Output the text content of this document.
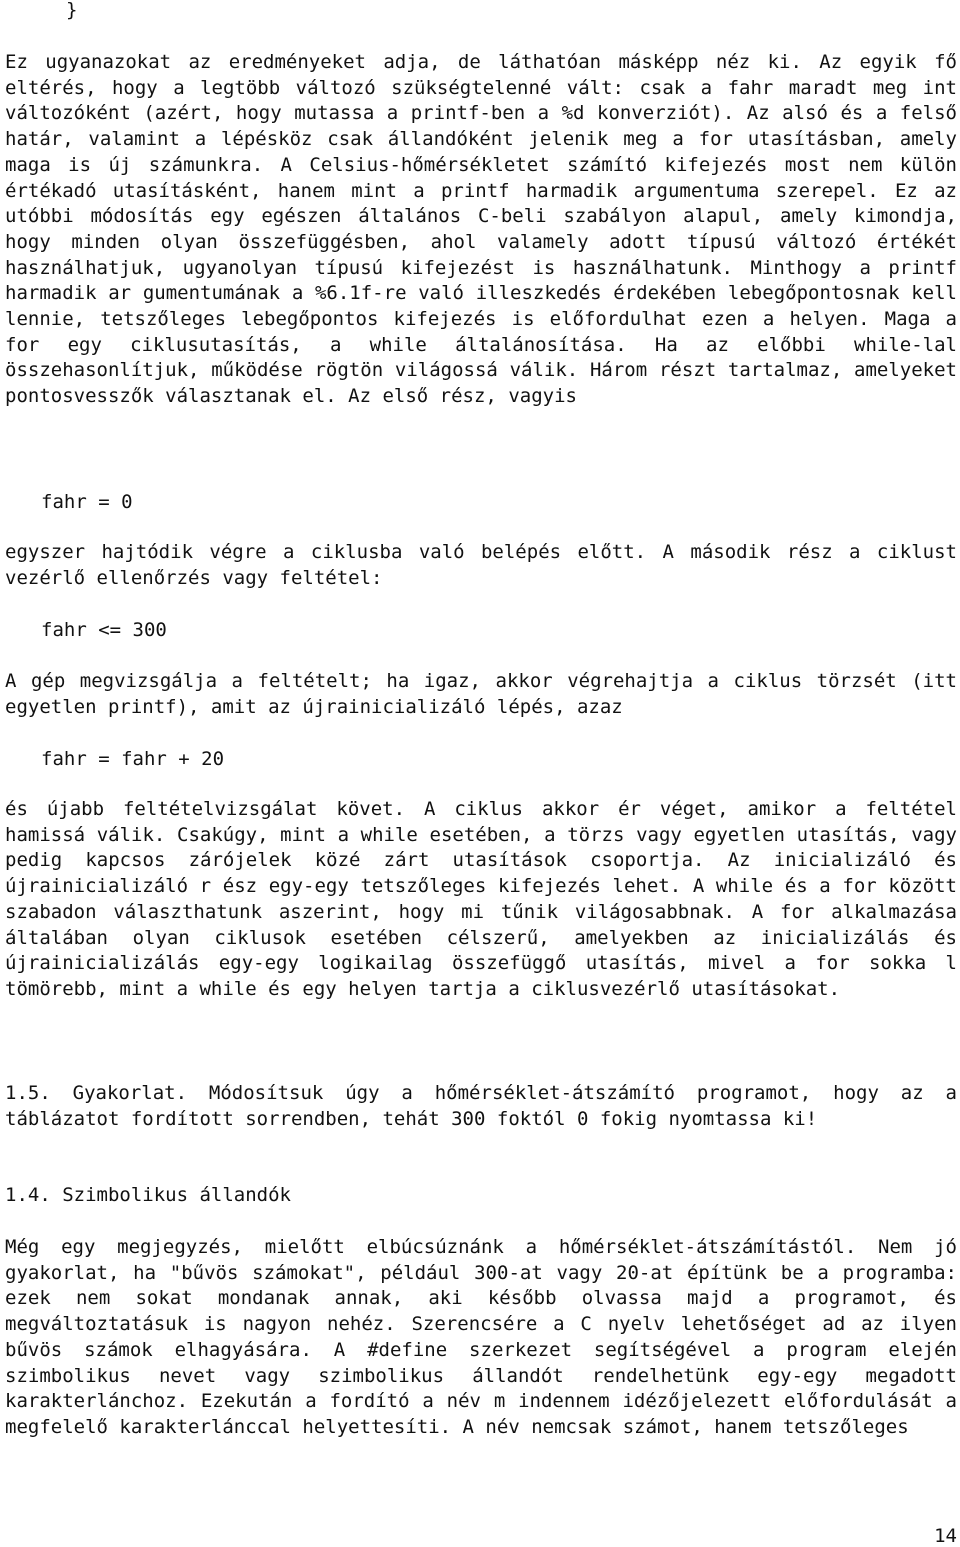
}

Ez ugyanazokat az eredményeket adja, de láthatóan másképp néz ki. Az egyik fő eltérés, hogy a legtöbb változó szükségtelenné vált: csak a fahr maradt meg int változóként (azért, hogy mutassa a printf-ben a %d konverziót). Az alsó és a felső határ, valamint a lépésköz csak állandóként jelenik meg a for utasításban, amely maga is új számunkra. A Celsius-hőmérsékletet számító kifejezés most nem külön értékadó utasításként, hanem mint a printf harmadik argumentuma szerepel. Ez az utóbbi módosítás egy egészen általános C-beli szabályon alapul, amely kimondja, hogy minden olyan összefüggésben, ahol valamely adott típusú változó értékét használhatjuk, ugyanolyan típusú kifejezést is használhatunk. Minthogy a printf harmadik ar gumentumának a %6.1f-re való illeszkedés érdekében lebegőpontosnak kell lennie, tetszőleges lebegőpontos kifejezés is előfordulhat ezen a helyen. Maga a for egy ciklusutasítás, a while általánosítása. Ha az előbbi while-lal összehasonlítjuk, működése rögtön világossá válik. Három részt tartalmaz, amelyeket pontosvesszők választanak el. Az első rész, vagyis

fahr = 0

egyszer hajtódik végre a ciklusba való belépés előtt. A második rész a ciklust vezérlő ellenőrzés vagy feltétel:

fahr <= 300

A gép megvizsgálja a feltételt; ha igaz, akkor végrehajtja a ciklus törzsét (itt egyetlen printf), amit az újrainicializáló lépés, azaz

fahr = fahr + 20

és újabb feltételvizsgálat követ. A ciklus akkor ér véget, amikor a feltétel hamissá válik. Csakúgy, mint a while esetében, a törzs vagy egyetlen utasítás, vagy pedig kapcsos zárójelek közé zárt utasítások csoportja. Az inicializáló és újrainicializáló r ész egy-egy tetszőleges kifejezés lehet. A while és a for között szabadon választhatunk aszerint, hogy mi tűnik világosabbnak. A for alkalmazása általában olyan ciklusok esetében célszerű, amelyekben az inicializálás és újrainicializálás egy-egy logikailag összefüggő utasítás, mivel a for sokka l tömörebb, mint a while és egy helyen tartja a ciklusvezérlő utasításokat.

1.5. Gyakorlat. Módosítsuk úgy a hőmérséklet-átszámító programot, hogy az a táblázatot fordított sorrendben, tehát 300 foktól 0 fokig nyomtassa ki!

1.4. Szimbolikus állandók

Még egy megjegyzés, mielőtt elbúcsúznánk a hőmérséklet-átszámítástól. Nem jó gyakorlat, ha "bűvös számokat", például 300-at vagy 20-at építünk be a programba: ezek nem sokat mondanak annak, aki később olvassa majd a programot, és megváltoztatásuk is nagyon nehéz. Szerencsére a C nyelv lehetőséget ad az ilyen bűvös számok elhagyására. A #define szerkezet segítségével a program elején szimbolikus nevet vagy szimbolikus állandót rendelhetünk egy-egy megadott karakterlánchoz. Ezekután a fordító a név m indennem idézőjelezett előfordulását a megfelelő karakterlánccal helyettesíti. A név nemcsak számot, hanem tetszőleges

14
